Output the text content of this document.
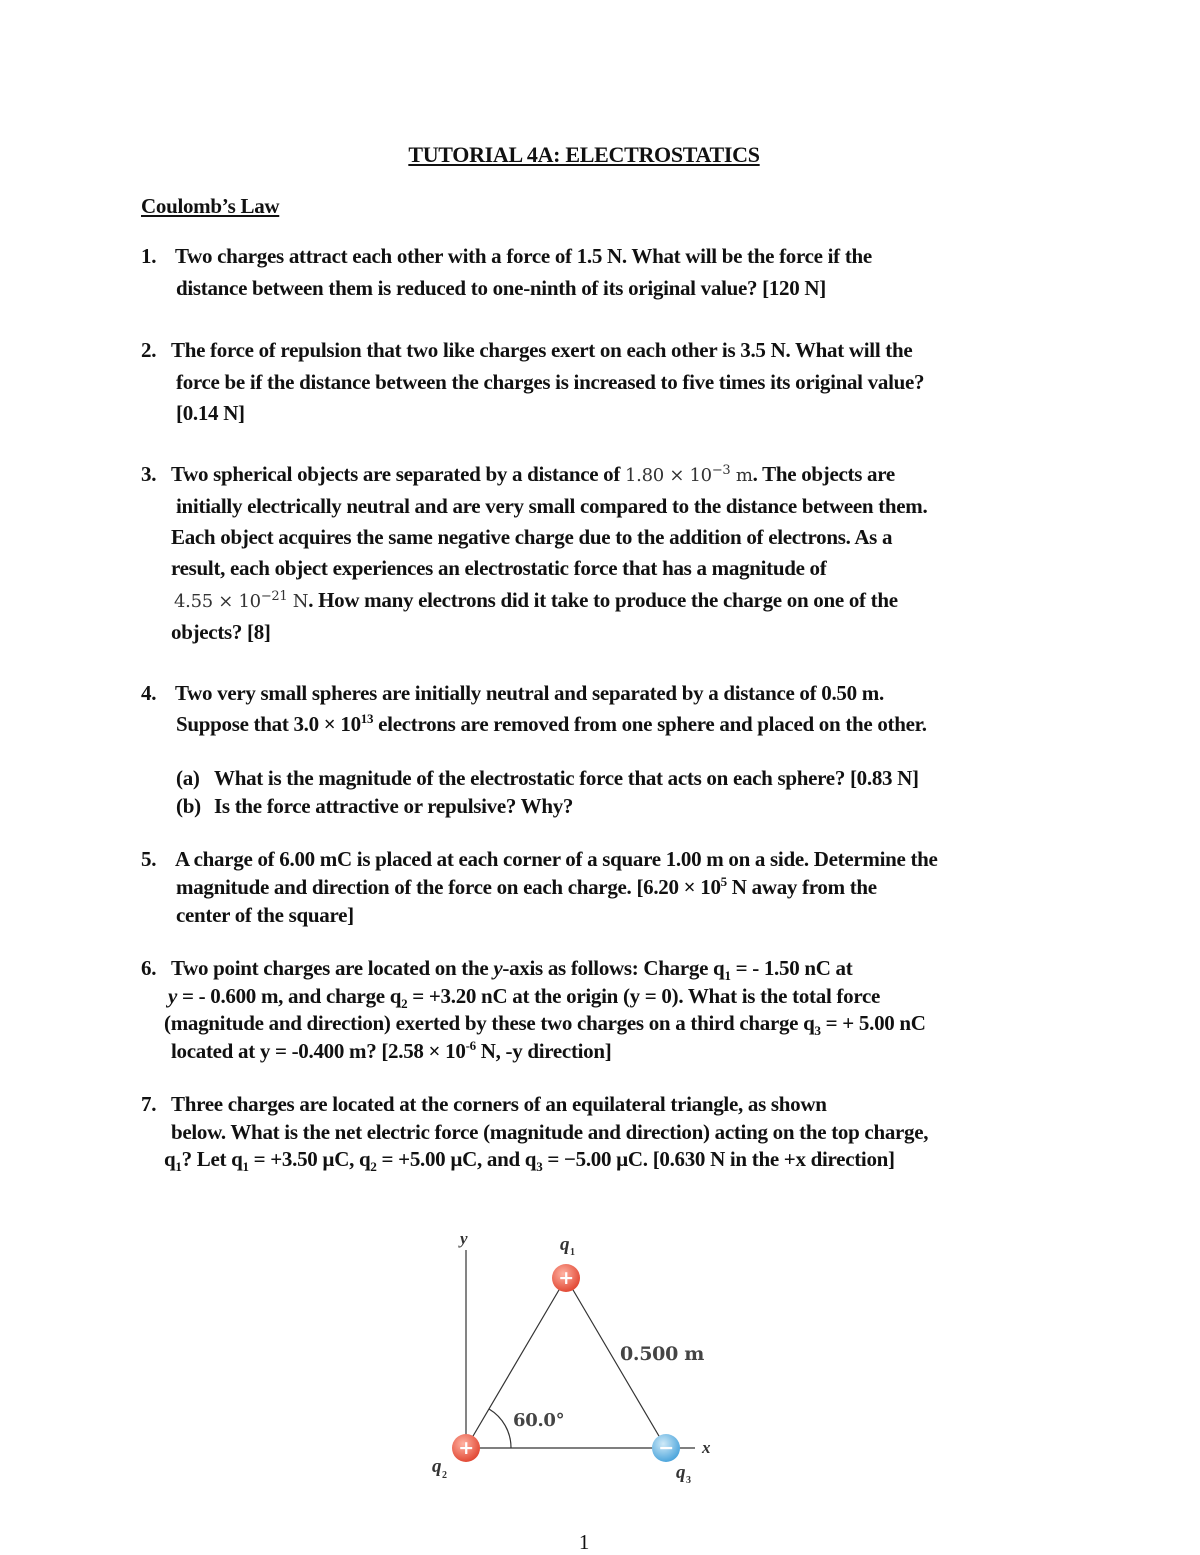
TUTORIAL 4A: ELECTROSTATICS
Coulomb’s Law
1. Two charges attract each other with a force of 1.5 N. What will be the force if the
distance between them is reduced to one-ninth of its original value? [120 N]
2. The force of repulsion that two like charges exert on each other is 3.5 N. What will the
force be if the distance between the charges is increased to five times its original value?
[0.14 N]
3. Two spherical objects are separated by a distance of $1.80 \times 10^{-3}$ m. The objects are
initially electrically neutral and are very small compared to the distance between them.
Each object acquires the same negative charge due to the addition of electrons. As a
result, each object experiences an electrostatic force that has a magnitude of
$4.55 \times 10^{-21}$ N. How many electrons did it take to produce the charge on one of the
objects? [8]
4. Two very small spheres are initially neutral and separated by a distance of 0.50 m.
Suppose that $3.0 \times 10^{13}$ electrons are removed from one sphere and placed on the other.
(a) What is the magnitude of the electrostatic force that acts on each sphere? [0.83 N]
(b) Is the force attractive or repulsive? Why?
5. A charge of 6.00 mC is placed at each corner of a square 1.00 m on a side. Determine the
magnitude and direction of the force on each charge. [$6.20 \times 10^5$ N away from the
center of the square]
6. Two point charges are located on the y-axis as follows: Charge $q_1$ = - 1.50 nC at
y = - 0.600 m, and charge $q_2 = +3.20$ nC at the origin (y = 0). What is the total force
(magnitude and direction) exerted by these two charges on a third charge $q_3$ = + 5.00 nC
located at y = -0.400 m? [$2.58 \times 10^{-6}$ N, -y direction]
7. Three charges are located at the corners of an equilateral triangle, as shown
below. What is the net electric force (magnitude and direction) acting on the top charge,
$q_1$? Let $q_1 = +3.50$ µC, $q_2 = +5.00$ µC, and $q_3 = -5.00$ µC. [0.630 N in the +x direction]
+
+	−
y
x
q 1
q 2	q 3
0.500 m
60.0°
1
